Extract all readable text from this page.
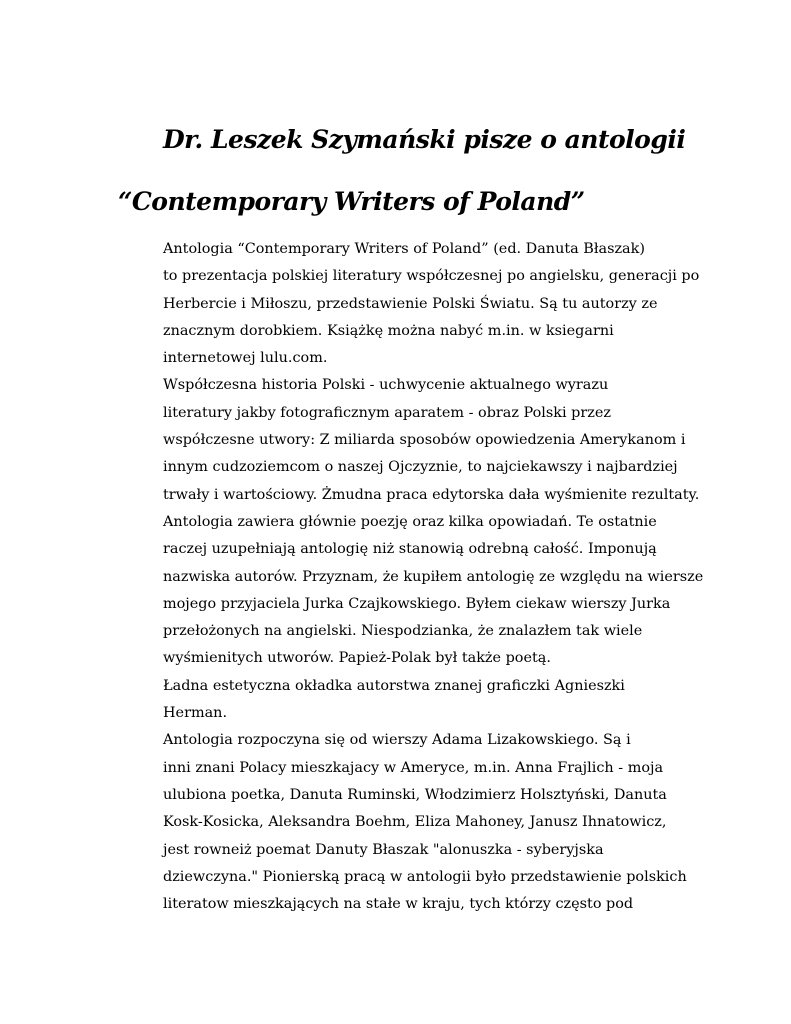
Dr. Leszek Szymański pisze o antologii
“Contemporary Writers of Poland”

Antologia “Contemporary Writers of Poland” (ed. Danuta Błaszak)
to prezentacja polskiej literatury współczesnej po angielsku, generacji po
Herbercie i Miłoszu, przedstawienie Polski Światu. Są tu autorzy ze
znacznym dorobkiem. Książkę można nabyć m.in. w ksiegarni
internetowej lulu.com.

Współczesna historia Polski - uchwycenie aktualnego wyrazu
literatury jakby fotograficznym aparatem - obraz Polski przez
współczesne utwory: Z miliarda sposobów opowiedzenia Amerykanom i
innym cudzoziemcom o naszej Ojczyznie, to najciekawszy i najbardziej
trwały i wartościowy. Żmudna praca edytorska dała wyśmienite rezultaty.

Antologia zawiera głównie poezję oraz kilka opowiadań. Te ostatnie
raczej uzupełniają antologię niż stanowią odrebną całość. Imponują
nazwiska autorów. Przyznam, że kupiłem antologię ze względu na wiersze
mojego przyjaciela Jurka Czajkowskiego. Byłem ciekaw wierszy Jurka
przełożonych na angielski. Niespodzianka, że znalazłem tak wiele
wyśmienitych utworów. Papież-Polak był także poetą.

Ładna estetyczna okładka autorstwa znanej graficzki Agnieszki
Herman.

Antologia rozpoczyna się od wierszy Adama Lizakowskiego. Są i
inni znani Polacy mieszkajacy w Ameryce, m.in. Anna Frajlich - moja
ulubiona poetka, Danuta Ruminski, Włodzimierz Holsztyński, Danuta
Kosk-Kosicka, Aleksandra Boehm, Eliza Mahoney, Janusz Ihnatowicz,
jest rowneiż poemat Danuty Błaszak "alonuszka - syberyjska
dziewczyna." Pionierską pracą w antologii było przedstawienie polskich
literatow mieszkających na stałe w kraju, tych którzy często pod
